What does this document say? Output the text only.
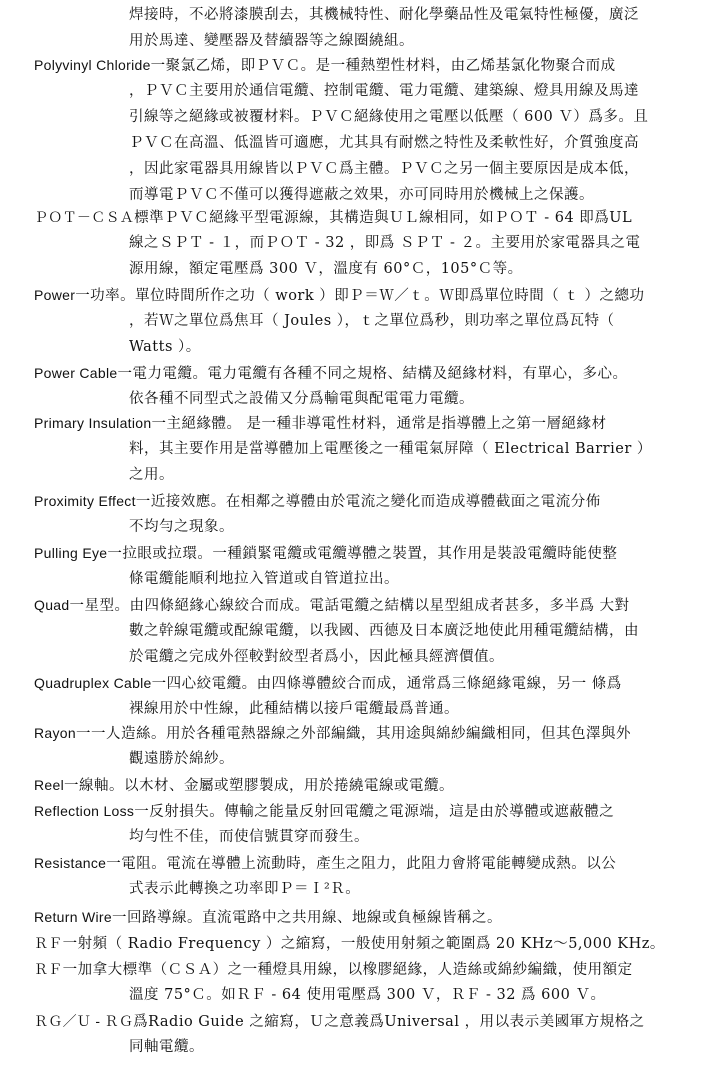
焊接時，不必將漆膜刮去，其機械特性、耐化學藥品性及電氣特性極優，廣泛
用於馬達、變壓器及替續器等之線圈繞組。
Polyvinyl Chloride一聚氯乙烯，即ＰＶＣ。是一種熱塑性材料，由乙烯基氯化物聚合而成
，ＰＶＣ主要用於通信電纜、控制電纜、電力電纜、建築線、燈具用線及馬達
引線等之絕緣或被覆材料。ＰＶＣ絕緣使用之電壓以低壓（ 600 Ｖ）爲多。且
ＰＶＣ在高溫、低溫皆可適應，尤其具有耐燃之特性及柔軟性好，介質強度高
，因此家電器具用線皆以ＰＶＣ爲主體。ＰＶＣ之另一個主要原因是成本低，
而導電ＰＶＣ不僅可以獲得遮蔽之效果，亦可同時用於機械上之保護。
ＰＯＴ－ＣＳＡ標準ＰＶＣ絕緣平型電源線，其構造與ＵＬ線相同，如ＰＯＴ - 64 即爲UL
線之ＳＰＴ - １，而ＰＯＴ - 32 ，即爲 ＳＰＴ - ２。主要用於家電器具之電
源用線，額定電壓爲 300 Ｖ，溫度有 60°Ｃ，105°Ｃ等。
Power一功率。單位時間所作之功（ work ）即Ｐ＝Ｗ／ｔ。Ｗ即爲單位時間（ ｔ ）之總功
，若Ｗ之單位爲焦耳（ Joules ），ｔ之單位爲秒，則功率之單位爲瓦特（
Watts ）。
Power Cable一電力電纜。電力電纜有各種不同之規格、結構及絕緣材料，有單心，多心。
依各種不同型式之設備又分爲輸電與配電電力電纜。
Primary Insulation一主絕緣體。 是一種非導電性材料，通常是指導體上之第一層絕緣材
料，其主要作用是當導體加上電壓後之一種電氣屏障（ Electrical Barrier ）
之用。
Proximity Effect一近接效應。在相鄰之導體由於電流之變化而造成導體截面之電流分佈
不均勻之現象。
Pulling Eye一拉眼或拉環。一種鎖緊電纜或電纜導體之裝置，其作用是裝設電纜時能使整
條電纜能順利地拉入管道或自管道拉出。
Quad一星型。由四條絕緣心線絞合而成。電話電纜之結構以星型組成者甚多，多半爲 大對
數之幹線電纜或配線電纜，以我國、西德及日本廣泛地使此用種電纜結構，由
於電纜之完成外徑較對絞型者爲小，因此極具經濟價值。
Quadruplex Cable一四心絞電纜。由四條導體絞合而成，通常爲三條絕緣電線，另一 條爲
裸線用於中性線，此種結構以接戶電纜最爲普通。
Rayon一一人造絲。用於各種電熱器線之外部編織，其用途與綿紗編織相同，但其色澤與外
觀遠勝於綿紗。
Reel一線軸。以木材、金屬或塑膠製成，用於捲繞電線或電纜。
Reflection Loss一反射損失。傳輸之能量反射回電纜之電源端，這是由於導體或遮蔽體之
均勻性不佳，而使信號貫穿而發生。
Resistance一電阻。電流在導體上流動時，產生之阻力，此阻力會將電能轉變成熱。以公
式表示此轉換之功率即Ｐ＝Ｉ²Ｒ。
Return Wire一回路導線。直流電路中之共用線、地線或負極線皆稱之。
ＲＦ一射頻（ Radio Frequency ）之縮寫，一般使用射頻之範圍爲 20 KHz～5,000 KHz。
ＲＦ一加拿大標準（ＣＳＡ）之一種燈具用線，以橡膠絕緣，人造絲或綿紗編織，使用額定
溫度 75°Ｃ。如ＲＦ - 64 使用電壓爲 300 Ｖ，ＲＦ - 32 爲 600 Ｖ。
ＲＧ／Ｕ - ＲＧ爲Radio Guide 之縮寫，Ｕ之意義爲Universal ，用以表示美國軍方規格之
同軸電纜。
